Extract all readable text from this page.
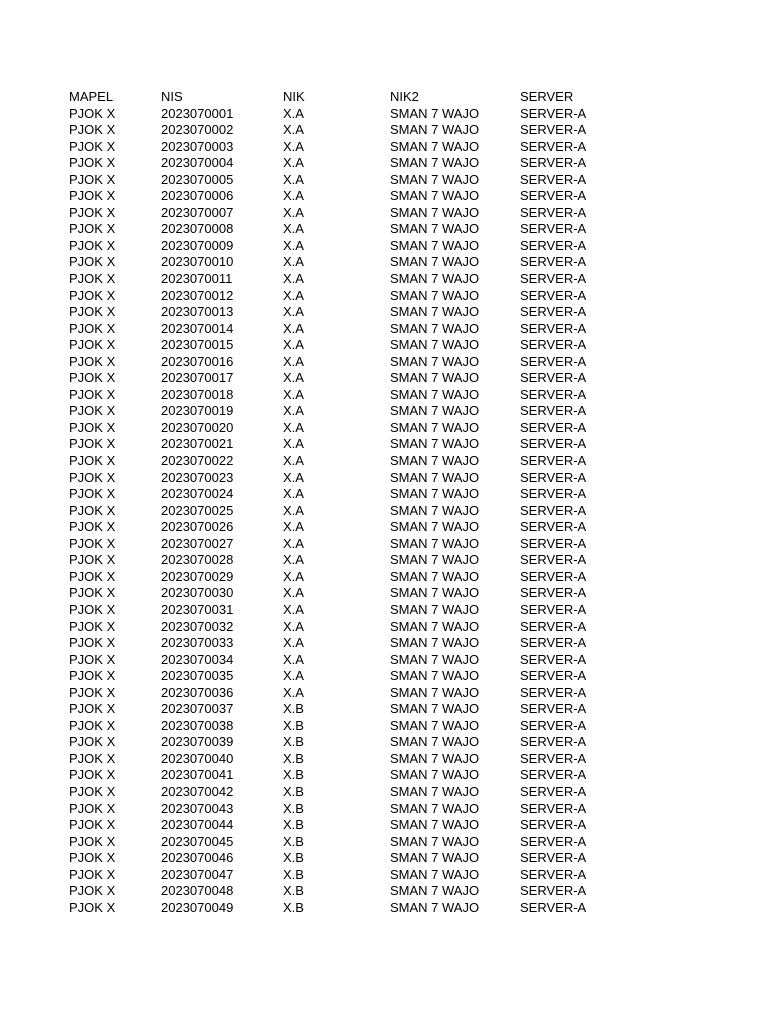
MAPEL	NIS	NIK	NIK2	SERVER
PJOK X	2023070001	X.A	SMAN 7 WAJO	SERVER-A
PJOK X	2023070002	X.A	SMAN 7 WAJO	SERVER-A
PJOK X	2023070003	X.A	SMAN 7 WAJO	SERVER-A
PJOK X	2023070004	X.A	SMAN 7 WAJO	SERVER-A
PJOK X	2023070005	X.A	SMAN 7 WAJO	SERVER-A
PJOK X	2023070006	X.A	SMAN 7 WAJO	SERVER-A
PJOK X	2023070007	X.A	SMAN 7 WAJO	SERVER-A
PJOK X	2023070008	X.A	SMAN 7 WAJO	SERVER-A
PJOK X	2023070009	X.A	SMAN 7 WAJO	SERVER-A
PJOK X	2023070010	X.A	SMAN 7 WAJO	SERVER-A
PJOK X	2023070011	X.A	SMAN 7 WAJO	SERVER-A
PJOK X	2023070012	X.A	SMAN 7 WAJO	SERVER-A
PJOK X	2023070013	X.A	SMAN 7 WAJO	SERVER-A
PJOK X	2023070014	X.A	SMAN 7 WAJO	SERVER-A
PJOK X	2023070015	X.A	SMAN 7 WAJO	SERVER-A
PJOK X	2023070016	X.A	SMAN 7 WAJO	SERVER-A
PJOK X	2023070017	X.A	SMAN 7 WAJO	SERVER-A
PJOK X	2023070018	X.A	SMAN 7 WAJO	SERVER-A
PJOK X	2023070019	X.A	SMAN 7 WAJO	SERVER-A
PJOK X	2023070020	X.A	SMAN 7 WAJO	SERVER-A
PJOK X	2023070021	X.A	SMAN 7 WAJO	SERVER-A
PJOK X	2023070022	X.A	SMAN 7 WAJO	SERVER-A
PJOK X	2023070023	X.A	SMAN 7 WAJO	SERVER-A
PJOK X	2023070024	X.A	SMAN 7 WAJO	SERVER-A
PJOK X	2023070025	X.A	SMAN 7 WAJO	SERVER-A
PJOK X	2023070026	X.A	SMAN 7 WAJO	SERVER-A
PJOK X	2023070027	X.A	SMAN 7 WAJO	SERVER-A
PJOK X	2023070028	X.A	SMAN 7 WAJO	SERVER-A
PJOK X	2023070029	X.A	SMAN 7 WAJO	SERVER-A
PJOK X	2023070030	X.A	SMAN 7 WAJO	SERVER-A
PJOK X	2023070031	X.A	SMAN 7 WAJO	SERVER-A
PJOK X	2023070032	X.A	SMAN 7 WAJO	SERVER-A
PJOK X	2023070033	X.A	SMAN 7 WAJO	SERVER-A
PJOK X	2023070034	X.A	SMAN 7 WAJO	SERVER-A
PJOK X	2023070035	X.A	SMAN 7 WAJO	SERVER-A
PJOK X	2023070036	X.A	SMAN 7 WAJO	SERVER-A
PJOK X	2023070037	X.B	SMAN 7 WAJO	SERVER-A
PJOK X	2023070038	X.B	SMAN 7 WAJO	SERVER-A
PJOK X	2023070039	X.B	SMAN 7 WAJO	SERVER-A
PJOK X	2023070040	X.B	SMAN 7 WAJO	SERVER-A
PJOK X	2023070041	X.B	SMAN 7 WAJO	SERVER-A
PJOK X	2023070042	X.B	SMAN 7 WAJO	SERVER-A
PJOK X	2023070043	X.B	SMAN 7 WAJO	SERVER-A
PJOK X	2023070044	X.B	SMAN 7 WAJO	SERVER-A
PJOK X	2023070045	X.B	SMAN 7 WAJO	SERVER-A
PJOK X	2023070046	X.B	SMAN 7 WAJO	SERVER-A
PJOK X	2023070047	X.B	SMAN 7 WAJO	SERVER-A
PJOK X	2023070048	X.B	SMAN 7 WAJO	SERVER-A
PJOK X	2023070049	X.B	SMAN 7 WAJO	SERVER-A
